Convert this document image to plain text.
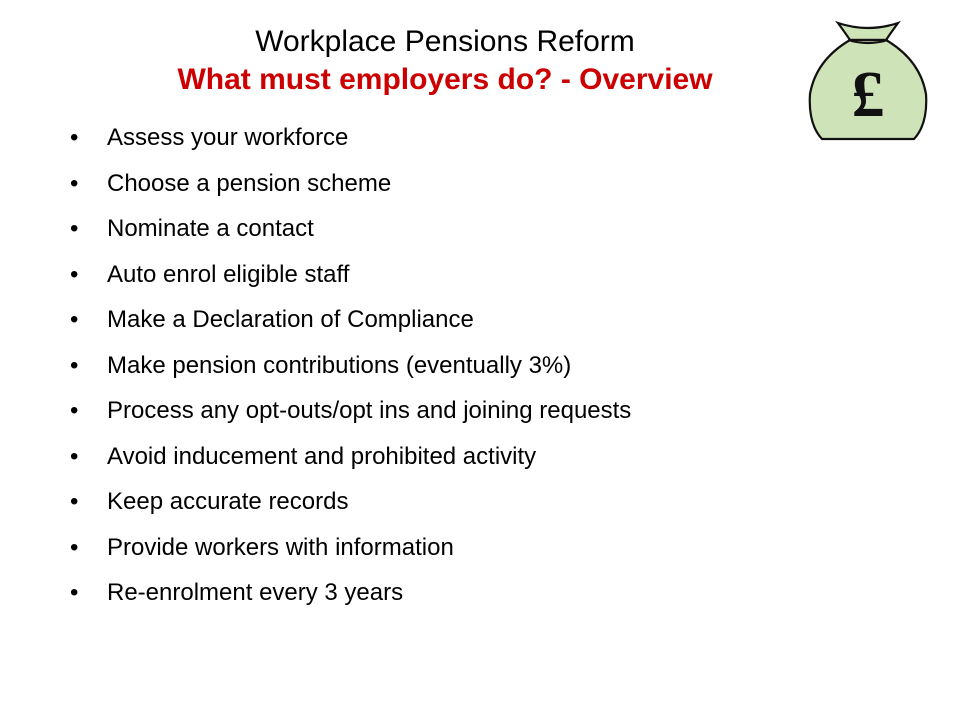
Workplace Pensions Reform
What must employers do? - Overview	£
•	Assess your workforce
•	Choose a pension scheme
•	Nominate a contact
•	Auto enrol eligible staff
•	Make a Declaration of Compliance
•	Make pension contributions (eventually 3%)
•	Process any opt-outs/opt ins and joining requests
•	Avoid inducement and prohibited activity
•	Keep accurate records
•	Provide workers with information
•	Re-enrolment every 3 years
